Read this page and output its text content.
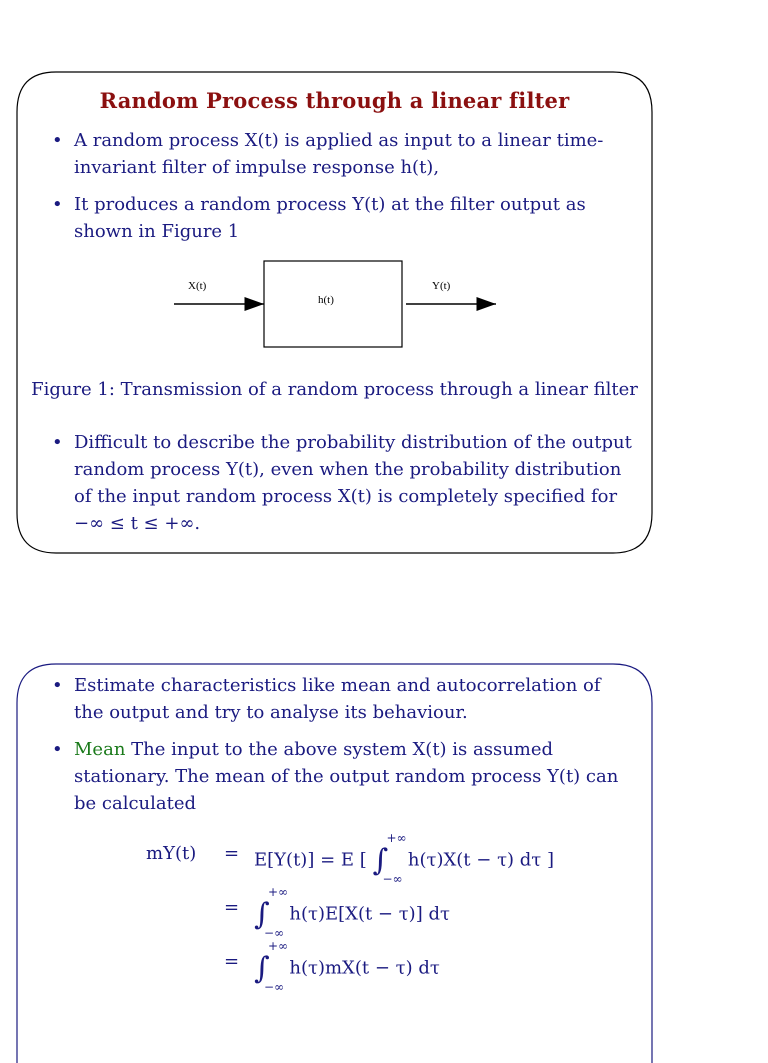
Random Process through a linear filter
• A random process X(t) is applied as input to a linear time-invariant filter of impulse response h(t),
• It produces a random process Y(t) at the filter output as shown in Figure 1
X(t)
h(t)
Y(t)
Figure 1: Transmission of a random process through a linear filter
• Difficult to describe the probability distribution of the output random process Y(t), even when the probability distribution of the input random process X(t) is completely specified for −∞ ≤ t ≤ +∞.
• Estimate characteristics like mean and autocorrelation of the output and try to analyse its behaviour.
• Mean The input to the above system X(t) is assumed stationary. The mean of the output random process Y(t) can be calculated
mY(t) = E[Y(t)] = E [ ∫
+∞
−∞
h(τ)X(t − τ) dτ ]
= ∫
+∞
−∞
h(τ)E[X(t − τ)] dτ
= ∫
+∞
−∞
h(τ)mX(t − τ) dτ
